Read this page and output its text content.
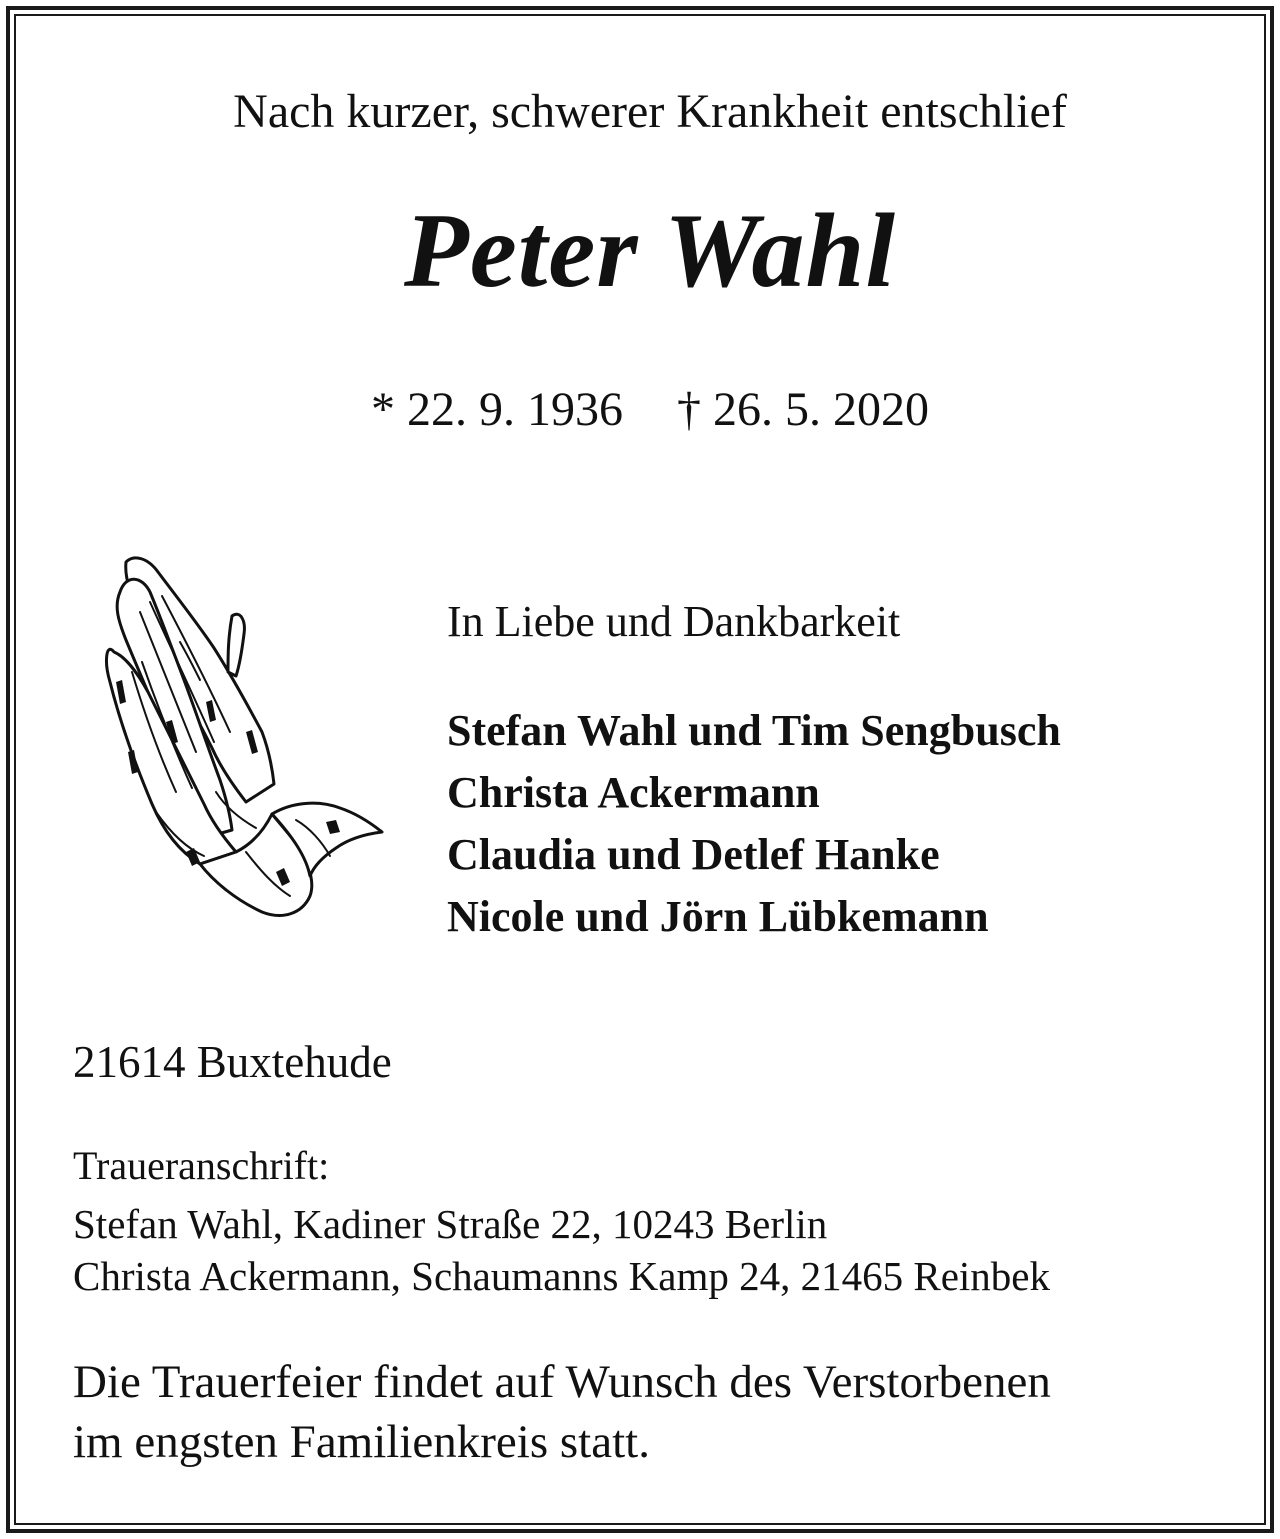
Nach kurzer, schwerer Krankheit entschlief
Peter Wahl
* 22. 9. 1936 † 26. 5. 2020
In Liebe und Dankbarkeit
Stefan Wahl und Tim Sengbusch
Christa Ackermann
Claudia und Detlef Hanke
Nicole und Jörn Lübkemann
21614 Buxtehude
Traueranschrift:
Stefan Wahl, Kadiner Straße 22, 10243 Berlin
Christa Ackermann, Schaumanns Kamp 24, 21465 Reinbek
Die Trauerfeier findet auf Wunsch des Verstorbenen
im engsten Familienkreis statt.
